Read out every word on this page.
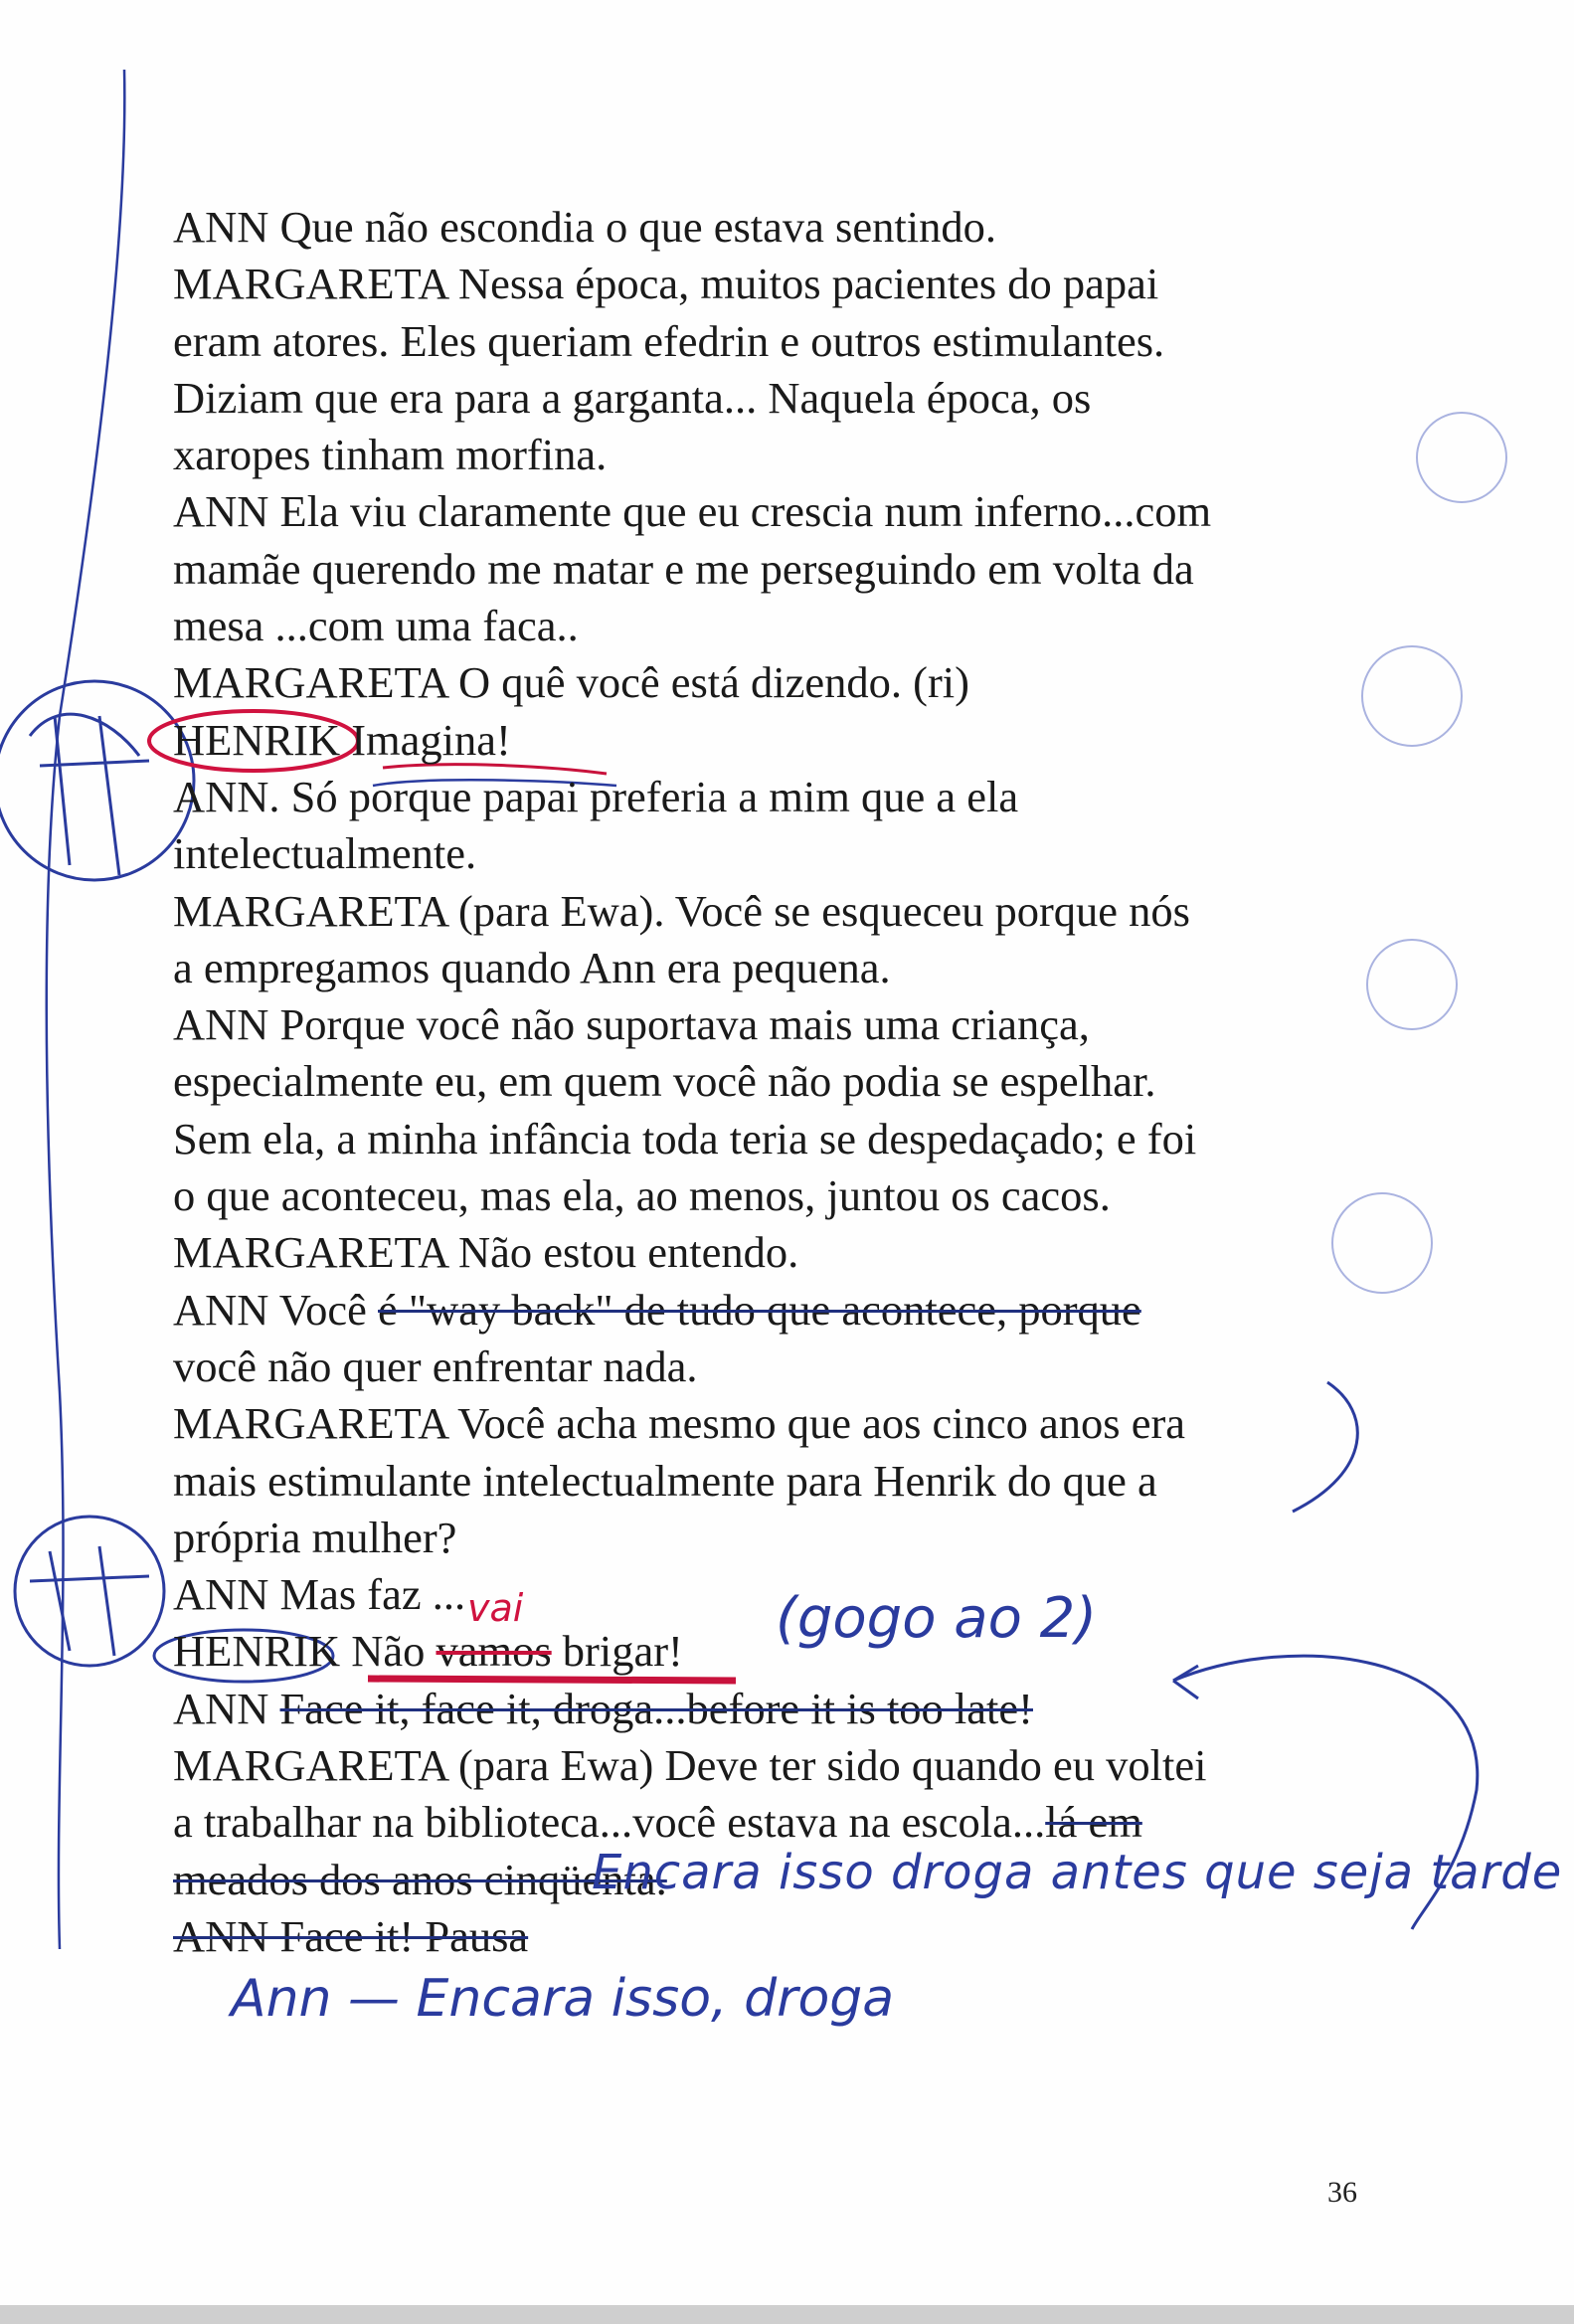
ANN Que não escondia o que estava sentindo.
MARGARETA Nessa época, muitos pacientes do papai
eram atores. Eles queriam efedrin e outros estimulantes.
Diziam que era para a garganta... Naquela época, os
xaropes tinham morfina.
ANN Ela viu claramente que eu crescia num inferno...com
mamãe querendo me matar e me perseguindo em volta da
mesa ...com uma faca..
MARGARETA O quê você está dizendo. (ri)
HENRIK Imagina!
ANN. Só porque papai preferia a mim que a ela
intelectualmente.
MARGARETA (para Ewa). Você se esqueceu porque nós
a empregamos quando Ann era pequena.
ANN Porque você não suportava mais uma criança,
especialmente eu, em quem você não podia se espelhar.
Sem ela, a minha infância toda teria se despedaçado; e foi
o que aconteceu, mas ela, ao menos, juntou os cacos.
MARGARETA Não estou entendo.
ANN Você é "way back" de tudo que acontece, porque
você não quer enfrentar nada.
MARGARETA Você acha mesmo que aos cinco anos era
mais estimulante intelectualmente para Henrik do que a
própria mulher?
ANN Mas faz ...
HENRIK Não vamos brigar!
ANN Face it, face it, droga...before it is too late!
MARGARETA (para Ewa) Deve ter sido quando eu voltei
a trabalhar na biblioteca...você estava na escola...lá em
meados dos anos cinqüenta.
ANN Face it! Pausa
Encara isso droga antes que seja tarde
Ann — Encara isso, droga
(gogo ao 2)
vai
36
